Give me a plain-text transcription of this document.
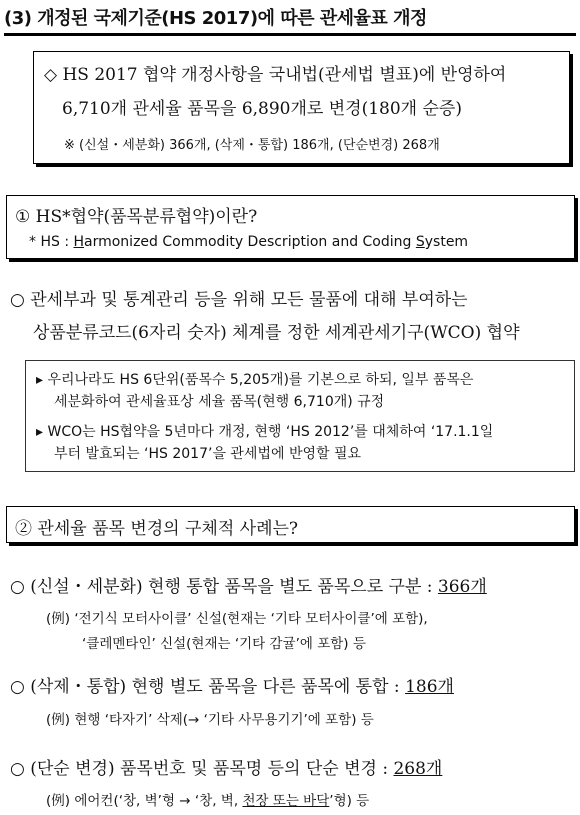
(3) 개정된 국제기준(HS 2017)에 따른 관세율표 개정
◇ HS 2017 협약 개정사항을 국내법(관세법 별표)에 반영하여
6,710개 관세율 품목을 6,890개로 변경(180개 순증)
※ (신설・세분화) 366개, (삭제・통합) 186개, (단순변경) 268개
① HS*협약(품목분류협약)이란?
* HS : Harmonized Commodity Description and Coding System
○ 관세부과 및 통계관리 등을 위해 모든 물품에 대해 부여하는
상품분류코드(6자리 숫자) 체계를 정한 세계관세기구(WCO) 협약
▸ 우리나라도 HS 6단위(품목수 5,205개)를 기본으로 하되, 일부 품목은
세분화하여 관세율표상 세율 품목(현행 6,710개) 규정
▸ WCO는 HS협약을 5년마다 개정, 현행 ‘HS 2012’를 대체하여 ‘17.1.1일
부터 발효되는 ‘HS 2017’을 관세법에 반영할 필요
② 관세율 품목 변경의 구체적 사례는?
○ (신설・세분화) 현행 통합 품목을 별도 품목으로 구분 : 366개
(例) ‘전기식 모터사이클’ 신설(현재는 ‘기타 모터사이클’에 포함),
‘클레멘타인’ 신설(현재는 ‘기타 감귤’에 포함) 등
○ (삭제・통합) 현행 별도 품목을 다른 품목에 통합 : 186개
(例) 현행 ‘타자기’ 삭제(→ ‘기타 사무용기기’에 포함) 등
○ (단순 변경) 품목번호 및 품목명 등의 단순 변경 : 268개
(例) 에어컨(‘창, 벽’형 → ‘창, 벽, 천장 또는 바닥’형) 등
